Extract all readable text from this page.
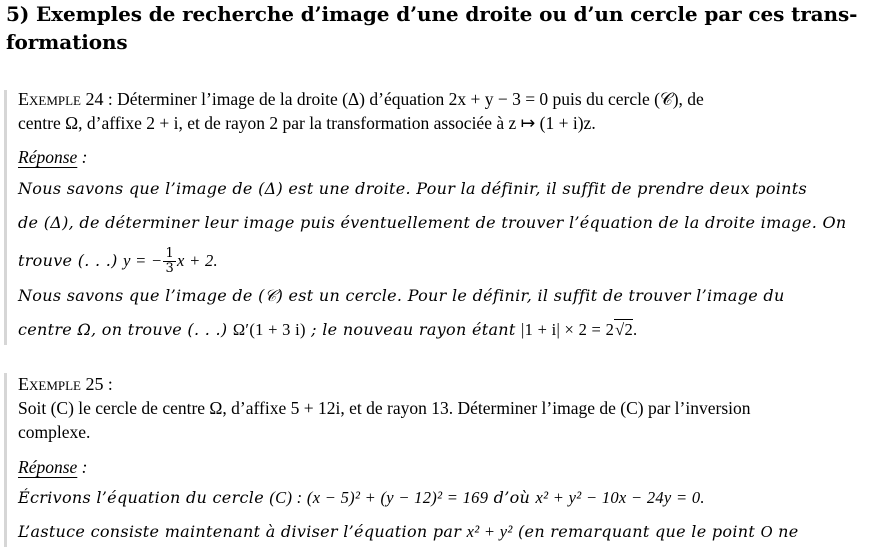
5) Exemples de recherche d’image d’une droite ou d’un cercle par ces trans-
formations
Exemple 24 : Déterminer l’image de la droite (Δ) d’équation 2x + y − 3 = 0 puis du cercle (𝒞), de
centre Ω, d’affixe 2 + i, et de rayon 2 par la transformation associée à z ↦ (1 + i)z.
Réponse :
Nous savons que l’image de (Δ) est une droite. Pour la définir, il suffit de prendre deux points
de (Δ), de déterminer leur image puis éventuellement de trouver l’équation de la droite image. On
trouve (. . .) y = − $\frac{1}{3}$ x + 2.
Nous savons que l’image de (𝒞) est un cercle. Pour le définir, il suffit de trouver l’image du
centre Ω, on trouve (. . .) Ω′(1 + 3 i) ; le nouveau rayon étant |1 + i| × 2 = 2√2.
Exemple 25 :
Soit (C) le cercle de centre Ω, d’affixe 5 + 12i, et de rayon 13. Déterminer l’image de (C) par l’inversion
complexe.
Réponse :
Écrivons l’équation du cercle (C) : (x − 5)² + (y − 12)² = 169 d’où x² + y² − 10x − 24y = 0.
L’astuce consiste maintenant à diviser l’équation par x² + y² (en remarquant que le point O ne
